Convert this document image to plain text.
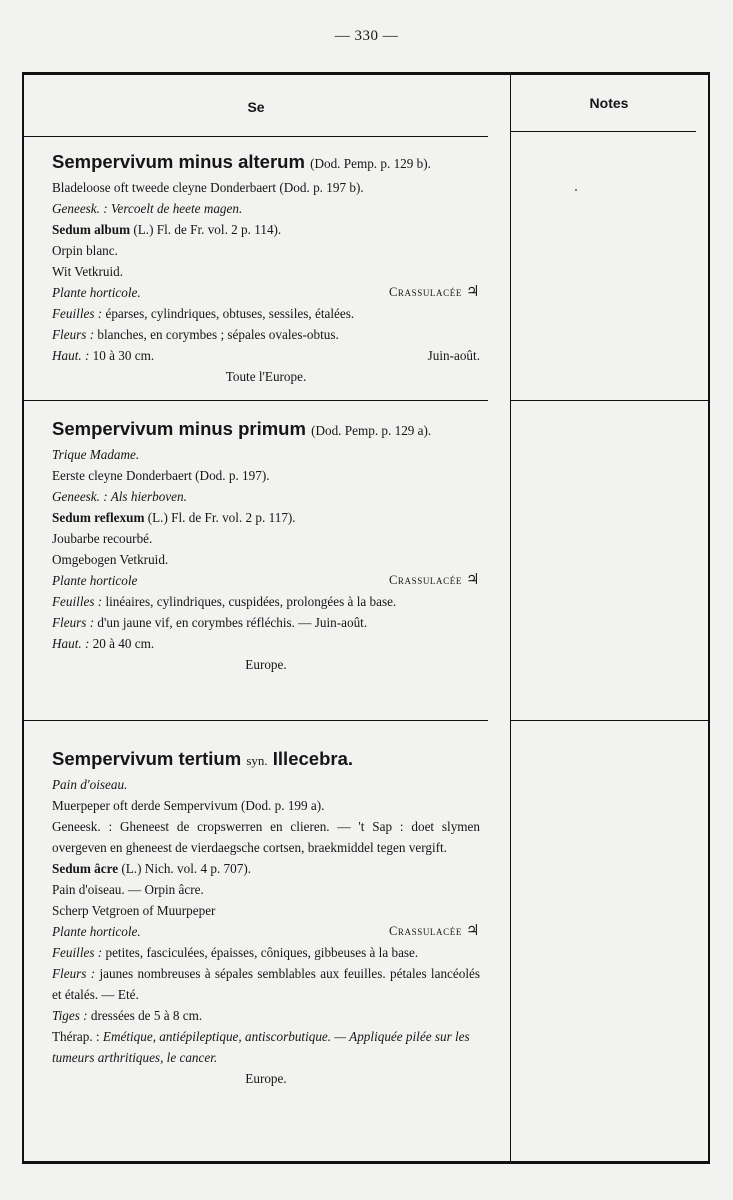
— 330 —
Se	Notes
Sempervivum minus alterum (Dod. Pemp. p. 129 b).
Bladeloose oft tweede cleyne Donderbaert (Dod. p. 197 b).
Geneesk. : Vercoelt de heete magen.
Sedum album (L.) Fl. de Fr. vol. 2 p. 114).
Orpin blanc.
Wit Vetkruid.
Plante horticole.	Crassulacée ♃
Feuilles : éparses, cylindriques, obtuses, sessiles, étalées.
Fleurs : blanches, en corymbes ; sépales ovales-obtus.
Haut. : 10 à 30 cm.	Juin-août.
Toute l'Europe.
Sempervivum minus primum (Dod. Pemp. p. 129 a).
Trique Madame.
Eerste cleyne Donderbaert (Dod. p. 197).
Geneesk. : Als hierboven.
Sedum reflexum (L.) Fl. de Fr. vol. 2 p. 117).
Joubarbe recourbé.
Omgebogen Vetkruid.
Plante horticole	Crassulacée ♃
Feuilles : linéaires, cylindriques, cuspidées, prolongées à la base.
Fleurs : d'un jaune vif, en corymbes réfléchis. — Juin-août.
Haut. : 20 à 40 cm.
Europe.
Sempervivum tertium syn. Illecebra.
Pain d'oiseau.
Muerpeper oft derde Sempervivum (Dod. p. 199 a).
Geneesk. : Gheneest de cropswerren en clieren. — 't Sap : doet slymen overgeven en gheneest de vierdaegsche cortsen, braekmiddel tegen vergift.
Sedum âcre (L.) Nich. vol. 4 p. 707).
Pain d'oiseau. — Orpin âcre.
Scherp Vetgroen of Muurpeper
Plante horticole.	Crassulacée ♃
Feuilles : petites, fasciculées, épaisses, côniques, gibbeuses à la base.
Fleurs : jaunes nombreuses à sépales semblables aux feuilles. pétales lancéolés et étalés. — Eté.
Tiges : dressées de 5 à 8 cm.
Thérap. : Emétique, antiépileptique, antiscorbutique. — Appliquée pilée sur les tumeurs arthritiques, le cancer.
Europe.
